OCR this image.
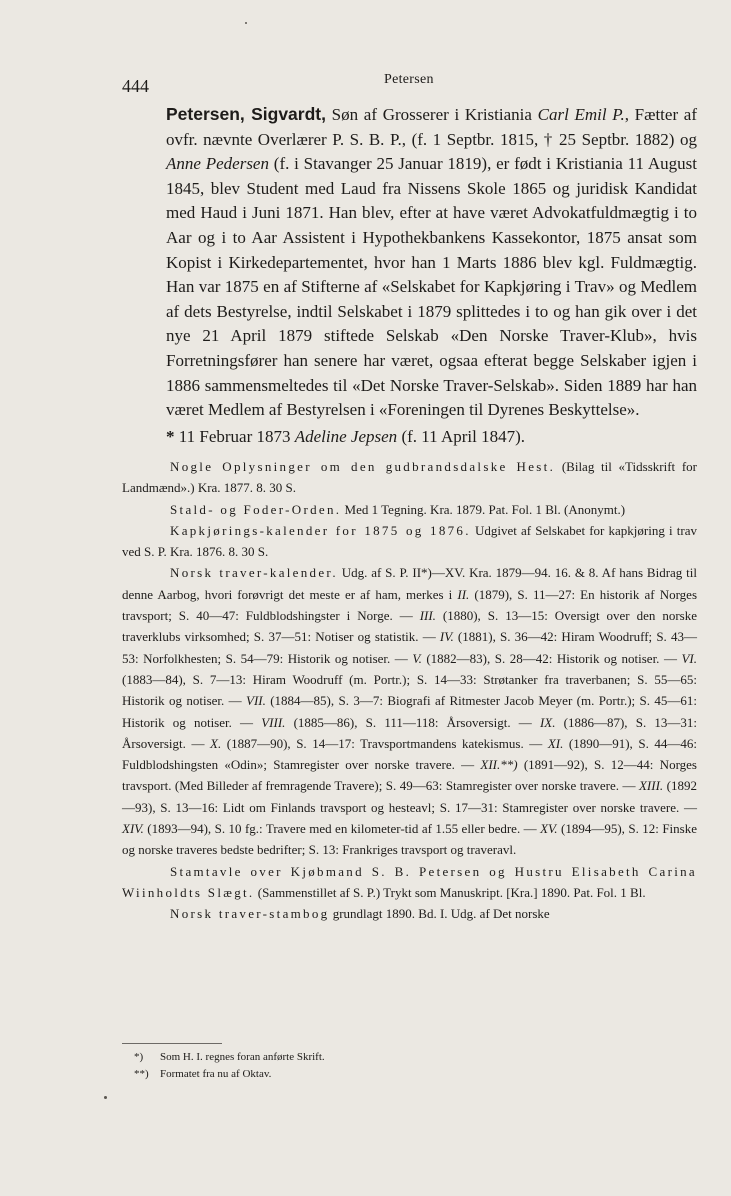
444	Petersen

Petersen, Sigvardt, Søn af Grosserer i Kristiania Carl Emil P., Fætter af ovfr. nævnte Overlærer P. S. B. P., (f. 1 Septbr. 1815, † 25 Septbr. 1882) og Anne Pedersen (f. i Stavanger 25 Januar 1819), er født i Kristiania 11 August 1845, blev Student med Laud fra Nissens Skole 1865 og juridisk Kandidat med Haud i Juni 1871. Han blev, efter at have været Advokatfuldmægtig i to Aar og i to Aar Assistent i Hypothekbankens Kassekontor, 1875 ansat som Kopist i Kirkedepartementet, hvor han 1 Marts 1886 blev kgl. Fuldmægtig. Han var 1875 en af Stifterne af «Selskabet for Kapkjøring i Trav» og Medlem af dets Bestyrelse, indtil Selskabet i 1879 splittedes i to og han gik over i det nye 21 April 1879 stiftede Selskab «Den Norske Traver-Klub», hvis Forretningsfører han senere har været, ogsaa efterat begge Selskaber igjen i 1886 sammensmeltedes til «Det Norske Traver-Selskab». Siden 1889 har han været Medlem af Bestyrelsen i «Foreningen til Dyrenes Beskyttelse».

* 11 Februar 1873 Adeline Jepsen (f. 11 April 1847).

Nogle Oplysninger om den gudbrandsdalske Hest. (Bilag til «Tidsskrift for Landmænd».) Kra. 1877. 8. 30 S.

Stald- og Foder-Orden. Med 1 Tegning. Kra. 1879. Pat. Fol. 1 Bl. (Anonymt.)

Kapkjørings-kalender for 1875 og 1876. Udgivet af Selskabet for kapkjøring i trav ved S. P. Kra. 1876. 8. 30 S.

Norsk traver-kalender. Udg. af S. P. II*)—XV. Kra. 1879—94. 16. & 8. Af hans Bidrag til denne Aarbog, hvori forøvrigt det meste er af ham, merkes i II. (1879), S. 11—27: En historik af Norges travsport; S. 40—47: Fuldblodshingster i Norge. — III. (1880), S. 13—15: Oversigt over den norske traverklubs virksomhed; S. 37—51: Notiser og statistik. — IV. (1881), S. 36—42: Hiram Woodruff; S. 43—53: Norfolkhesten; S. 54—79: Historik og notiser. — V. (1882—83), S. 28—42: Historik og notiser. — VI. (1883—84), S. 7—13: Hiram Woodruff (m. Portr.); S. 14—33: Strøtanker fra traverbanen; S. 55—65: Historik og notiser. — VII. (1884—85), S. 3—7: Biografi af Ritmester Jacob Meyer (m. Portr.); S. 45—61: Historik og notiser. — VIII. (1885—86), S. 111—118: Årsoversigt. — IX. (1886—87), S. 13—31: Årsoversigt. — X. (1887—90), S. 14—17: Travsportmandens katekismus. — XI. (1890—91), S. 44—46: Fuldblodshingsten «Odin»; Stamregister over norske travere. — XII.**) (1891—92), S. 12—44: Norges travsport. (Med Billeder af fremragende Travere); S. 49—63: Stamregister over norske travere. — XIII. (1892—93), S. 13—16: Lidt om Finlands travsport og hesteavl; S. 17—31: Stamregister over norske travere. — XIV. (1893—94), S. 10 fg.: Travere med en kilometer-tid af 1.55 eller bedre. — XV. (1894—95), S. 12: Finske og norske traveres bedste bedrifter; S. 13: Frankriges travsport og traveravl.

Stamtavle over Kjøbmand S. B. Petersen og Hustru Elisabeth Carina Wiinholdts Slægt. (Sammenstillet af S. P.) Trykt som Manuskript. [Kra.] 1890. Pat. Fol. 1 Bl.

Norsk traver-stambog grundlagt 1890. Bd. I. Udg. af Det norske

*) Som H. I. regnes foran anførte Skrift.

**) Formatet fra nu af Oktav.
